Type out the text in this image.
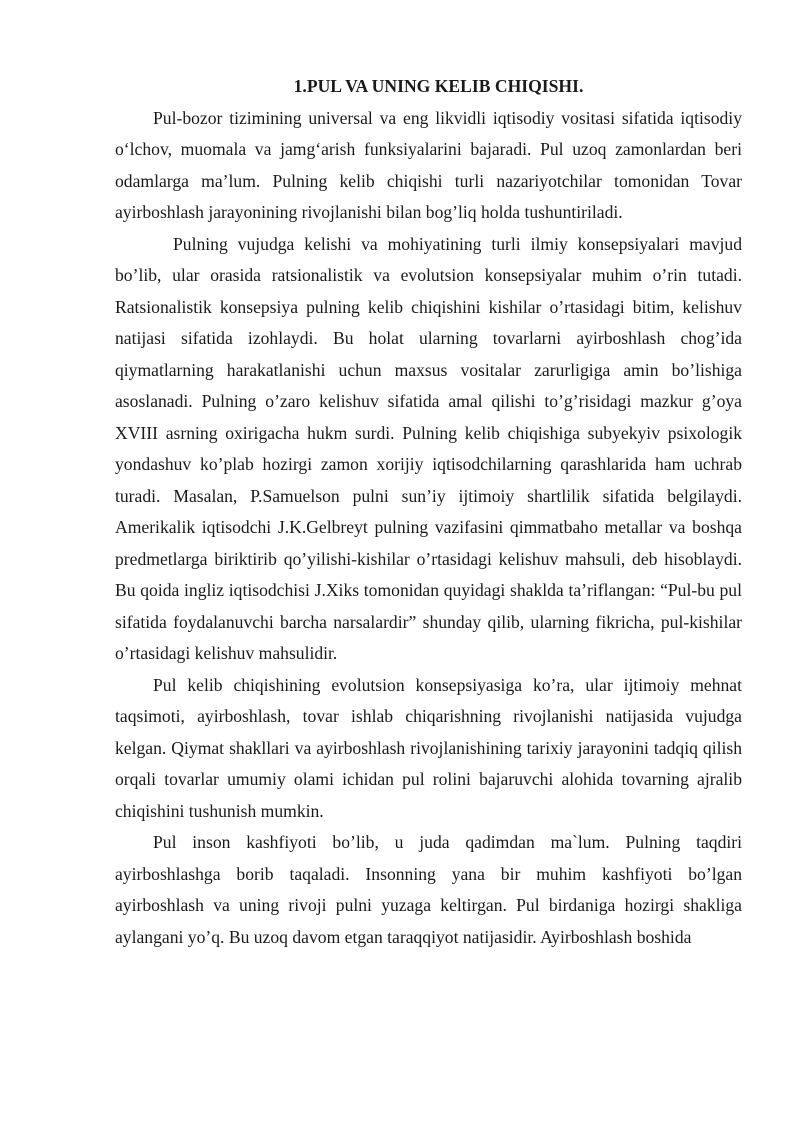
1.PUL VA UNING KELIB CHIQISHI.

Pul-bozor tizimining universal va eng likvidli iqtisodiy vositasi sifatida iqtisodiy o‘lchov, muomala va jamg‘arish funksiyalarini bajaradi. Pul uzoq zamonlardan beri odamlarga ma’lum. Pulning kelib chiqishi turli nazariyotchilar tomonidan Tovar ayirboshlash jarayonining rivojlanishi bilan bog’liq holda tushuntiriladi.

Pulning vujudga kelishi va mohiyatining turli ilmiy konsepsiyalari mavjud bo’lib, ular orasida ratsionalistik va evolutsion konsepsiyalar muhim o’rin tutadi. Ratsionalistik konsepsiya pulning kelib chiqishini kishilar o’rtasidagi bitim, kelishuv natijasi sifatida izohlaydi. Bu holat ularning tovarlarni ayirboshlash chog’ida qiymatlarning harakatlanishi uchun maxsus vositalar zarurligiga amin bo’lishiga asoslanadi. Pulning o’zaro kelishuv sifatida amal qilishi to’g’risidagi mazkur g’oya XVIII asrning oxirigacha hukm surdi. Pulning kelib chiqishiga subyekyiv psixologik yondashuv ko’plab hozirgi zamon xorijiy iqtisodchilarning qarashlarida ham uchrab turadi. Masalan, P.Samuelson pulni sun’iy ijtimoiy shartlilik sifatida belgilaydi. Amerikalik iqtisodchi J.K.Gelbreyt pulning vazifasini qimmatbaho metallar va boshqa predmetlarga biriktirib qo’yilishi-kishilar o’rtasidagi kelishuv mahsuli, deb hisoblaydi. Bu qoida ingliz iqtisodchisi J.Xiks tomonidan quyidagi shaklda ta’riflangan: “Pul-bu pul sifatida foydalanuvchi barcha narsalardir” shunday qilib, ularning fikricha, pul-kishilar o’rtasidagi kelishuv mahsulidir.

Pul kelib chiqishining evolutsion konsepsiyasiga ko’ra, ular ijtimoiy mehnat taqsimoti, ayirboshlash, tovar ishlab chiqarishning rivojlanishi natijasida vujudga kelgan. Qiymat shakllari va ayirboshlash rivojlanishining tarixiy jarayonini tadqiq qilish orqali tovarlar umumiy olami ichidan pul rolini bajaruvchi alohida tovarning ajralib chiqishini tushunish mumkin.

Pul inson kashfiyoti bo’lib, u juda qadimdan ma`lum. Pulning taqdiri ayirboshlashga borib taqaladi. Insonning yana bir muhim kashfiyoti bo’lgan ayirboshlash va uning rivoji pulni yuzaga keltirgan. Pul birdaniga hozirgi shakliga aylangani yo’q. Bu uzoq davom etgan taraqqiyot natijasidir. Ayirboshlash boshida
